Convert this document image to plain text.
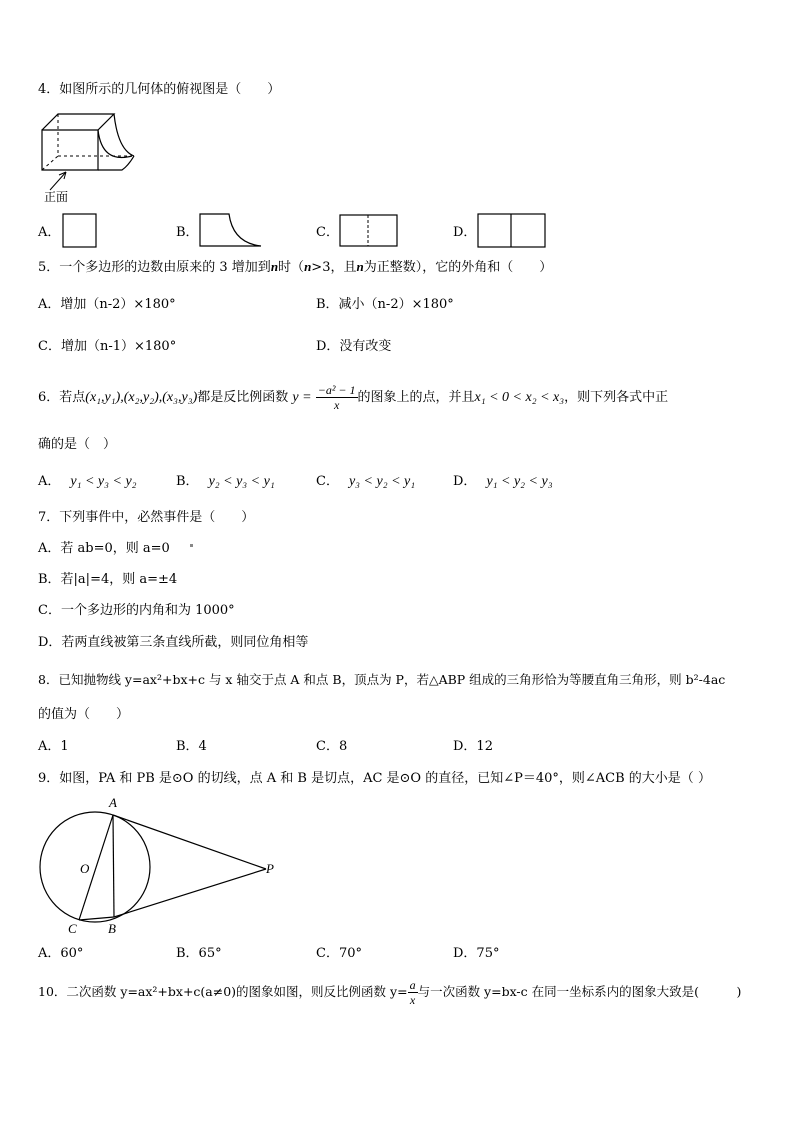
4．如图所示的几何体的俯视图是（　　）
正面
A．	B．	C．	D．
5．一个多边形的边数由原来的 3 增加到n时（n>3，且n为正整数），它的外角和（　　）
A．增加（n-2）×180°	B．减小（n-2）×180°
C．增加（n-1）×180°	D．没有改变
6．若点(x₁,y₁),(x₂,y₂),(x₃,y₃)都是反比例函数 $y = \frac{\text{−a² − 1}}{x}$ 的图象上的点，并且x₁ < 0 < x₂ < x₃，则下列各式中正
确的是（　）
A． y₁ < y₃ < y₂	B． y₂ < y₃ < y₁	C． y₃ < y₂ < y₁	D． y₁ < y₂ < y₃
7．下列事件中，必然事件是（　　）
A．若 ab=0，则 a=0
B．若|a|=4，则 a=±4
C．一个多边形的内角和为 1000°
D．若两直线被第三条直线所截，则同位角相等
8．已知抛物线 y=ax²+bx+c 与 x 轴交于点 A 和点 B，顶点为 P，若△ABP 组成的三角形恰为等腰直角三角形，则 b²-4ac
的值为（　　）
A．1	B．4	C．8	D．12
9．如图，PA 和 PB 是⊙O 的切线，点 A 和 B 是切点，AC 是⊙O 的直径，已知∠P＝40°，则∠ACB 的大小是（ ）
A
O	P
C B
A．60°	B．65°	C．70°	D．75°
10．二次函数 y=ax²+bx+c(a≠0)的图象如图，则反比例函数 $y= \frac{a}{x}$ 与一次函数 y=bx-c 在同一坐标系内的图象大致是(　　　)
